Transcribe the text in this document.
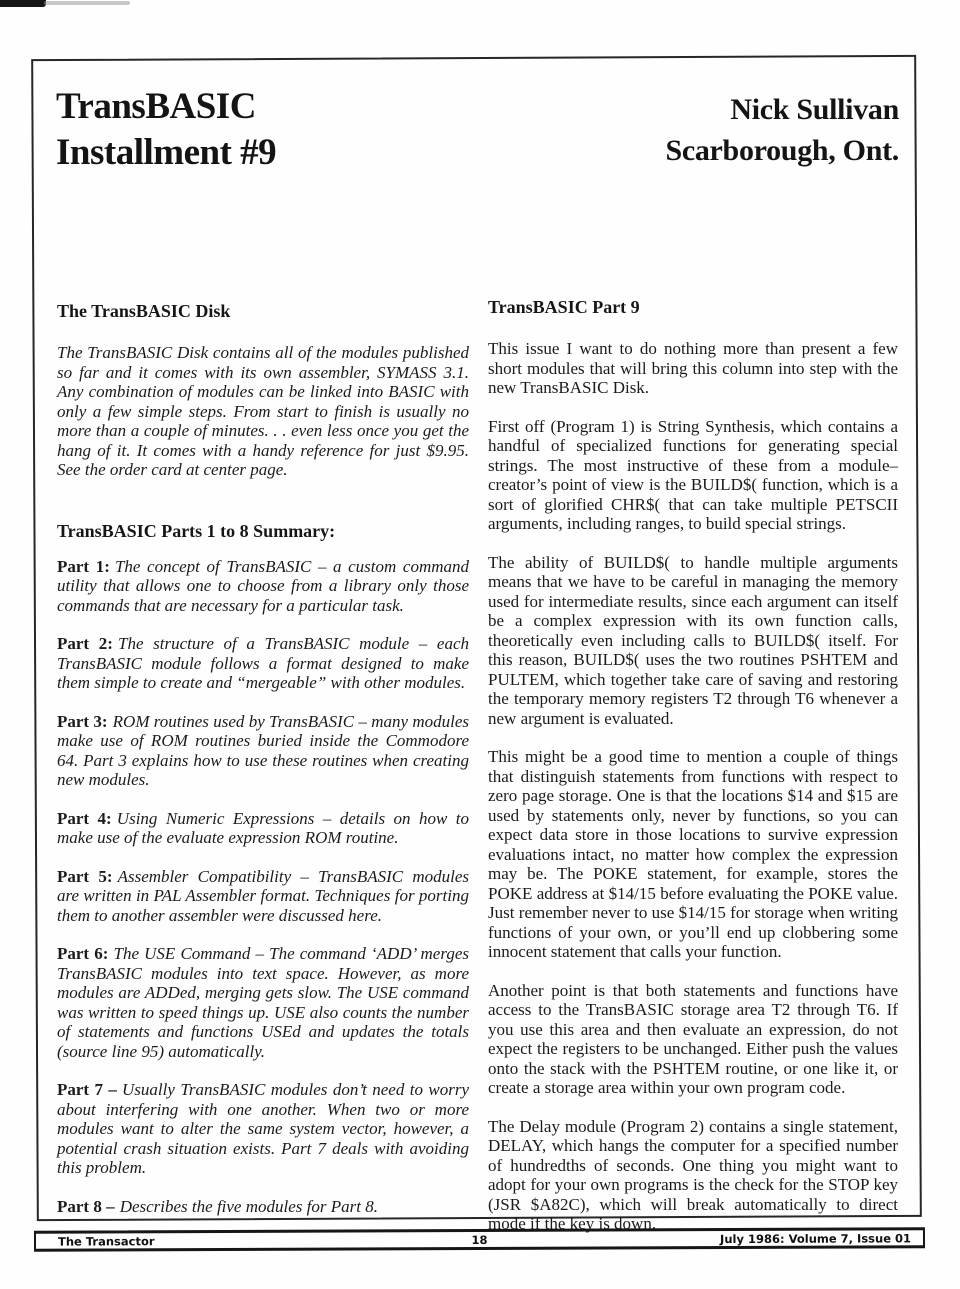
TransBASIC
Installment #9
Nick Sullivan
Scarborough, Ont.
The TransBASIC Disk

The TransBASIC Disk contains all of the modules published so far and it comes with its own assembler, SYMASS 3.1. Any combination of modules can be linked into BASIC with only a few simple steps. From start to finish is usually no more than a couple of minutes. . . even less once you get the hang of it. It comes with a handy reference for just $9.95. See the order card at center page.

TransBASIC Parts 1 to 8 Summary:

Part 1: The concept of TransBASIC – a custom command utility that allows one to choose from a library only those commands that are necessary for a particular task.

Part 2: The structure of a TransBASIC module – each TransBASIC module follows a format designed to make them simple to create and “mergeable” with other modules.

Part 3: ROM routines used by TransBASIC – many modules make use of ROM routines buried inside the Commodore 64. Part 3 explains how to use these routines when creating new modules.

Part 4: Using Numeric Expressions – details on how to make use of the evaluate expression ROM routine.

Part 5: Assembler Compatibility – TransBASIC modules are written in PAL Assembler format. Techniques for porting them to another assembler were discussed here.

Part 6: The USE Command – The command ‘ADD’ merges TransBASIC modules into text space. However, as more modules are ADDed, merging gets slow. The USE command was written to speed things up. USE also counts the number of statements and functions USEd and updates the totals (source line 95) automatically.

Part 7 – Usually TransBASIC modules don’t need to worry about interfering with one another. When two or more modules want to alter the same system vector, however, a potential crash situation exists. Part 7 deals with avoiding this problem.

Part 8 – Describes the five modules for Part 8.

TransBASIC Part 9

This issue I want to do nothing more than present a few short modules that will bring this column into step with the new TransBASIC Disk.

First off (Program 1) is String Synthesis, which contains a handful of specialized functions for generating special strings. The most instructive of these from a module–creator’s point of view is the BUILD$( function, which is a sort of glorified CHR$( that can take multiple PETSCII arguments, including ranges, to build special strings.

The ability of BUILD$( to handle multiple arguments means that we have to be careful in managing the memory used for intermediate results, since each argument can itself be a complex expression with its own function calls, theoretically even including calls to BUILD$( itself. For this reason, BUILD$( uses the two routines PSHTEM and PULTEM, which together take care of saving and restoring the temporary memory registers T2 through T6 whenever a new argument is evaluated.

This might be a good time to mention a couple of things that distinguish statements from functions with respect to zero page storage. One is that the locations $14 and $15 are used by statements only, never by functions, so you can expect data store in those locations to survive expression evaluations intact, no matter how complex the expression may be. The POKE statement, for example, stores the POKE address at $14/15 before evaluating the POKE value. Just remember never to use $14/15 for storage when writing functions of your own, or you’ll end up clobbering some innocent statement that calls your function.

Another point is that both statements and functions have access to the TransBASIC storage area T2 through T6. If you use this area and then evaluate an expression, do not expect the registers to be unchanged. Either push the values onto the stack with the PSHTEM routine, or one like it, or create a storage area within your own program code.

The Delay module (Program 2) contains a single statement, DELAY, which hangs the computer for a specified number of hundredths of seconds. One thing you might want to adopt for your own programs is the check for the STOP key (JSR $A82C), which will break automatically to direct mode if the key is down.

The Transactor	18	July 1986: Volume 7, Issue 01
